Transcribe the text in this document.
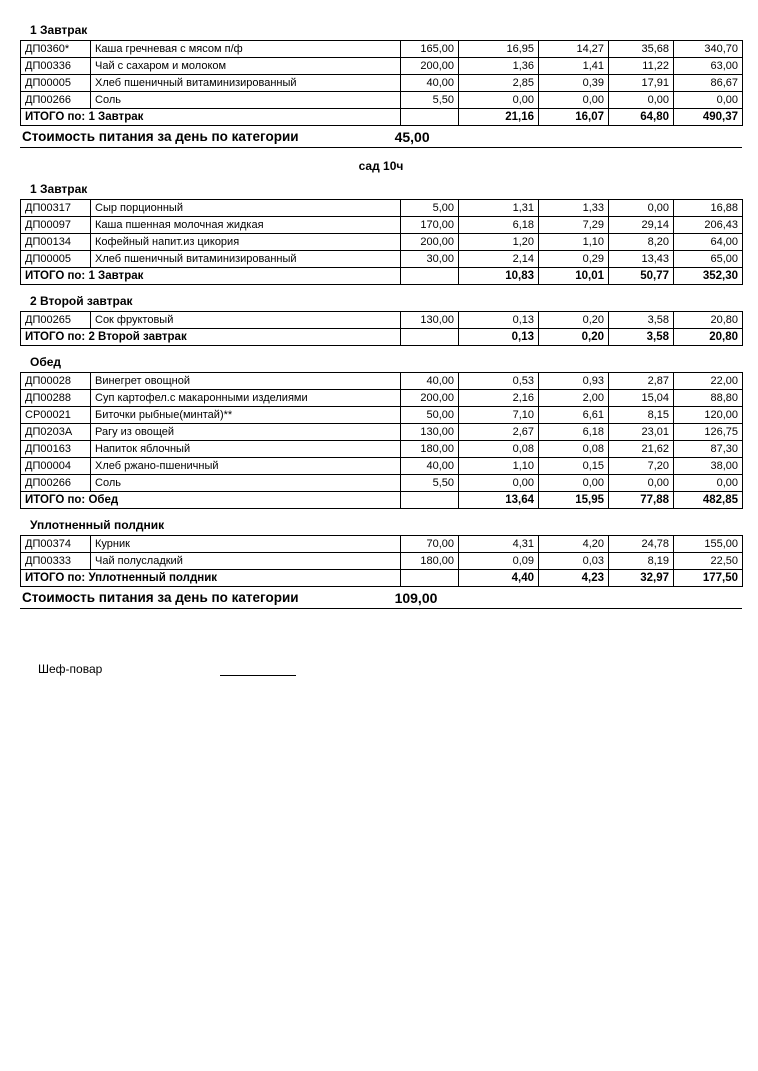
1 Завтрак
ДП0360*	Каша гречневая с мясом п/ф	165,00	16,95	14,27	35,68	340,70
ДП00336	Чай с сахаром и молоком	200,00	1,36	1,41	11,22	63,00
ДП00005	Хлеб пшеничный витаминизированный	40,00	2,85	0,39	17,91	86,67
ДП00266	Соль	5,50	0,00	0,00	0,00	0,00
ИТОГО по: 1 Завтрак			21,16	16,07	64,80	490,37
Стоимость питания за день по категории	45,00
сад 10ч
1 Завтрак
ДП00317	Сыр порционный	5,00	1,31	1,33	0,00	16,88
ДП00097	Каша пшенная молочная жидкая	170,00	6,18	7,29	29,14	206,43
ДП00134	Кофейный напит.из цикория	200,00	1,20	1,10	8,20	64,00
ДП00005	Хлеб пшеничный витаминизированный	30,00	2,14	0,29	13,43	65,00
ИТОГО по: 1 Завтрак			10,83	10,01	50,77	352,30
2 Второй завтрак
ДП00265	Сок фруктовый	130,00	0,13	0,20	3,58	20,80
ИТОГО по: 2 Второй завтрак			0,13	0,20	3,58	20,80
Обед
ДП00028	Винегрет овощной	40,00	0,53	0,93	2,87	22,00
ДП00288	Суп картофел.с макаронными изделиями	200,00	2,16	2,00	15,04	88,80
СР00021	Биточки рыбные(минтай)**	50,00	7,10	6,61	8,15	120,00
ДП0203А	Рагу из овощей	130,00	2,67	6,18	23,01	126,75
ДП00163	Напиток яблочный	180,00	0,08	0,08	21,62	87,30
ДП00004	Хлеб ржано-пшеничный	40,00	1,10	0,15	7,20	38,00
ДП00266	Соль	5,50	0,00	0,00	0,00	0,00
ИТОГО по: Обед			13,64	15,95	77,88	482,85
Уплотненный полдник
ДП00374	Курник	70,00	4,31	4,20	24,78	155,00
ДП00333	Чай полусладкий	180,00	0,09	0,03	8,19	22,50
ИТОГО по: Уплотненный полдник			4,40	4,23	32,97	177,50
Стоимость питания за день по категории	109,00
Шеф-повар
